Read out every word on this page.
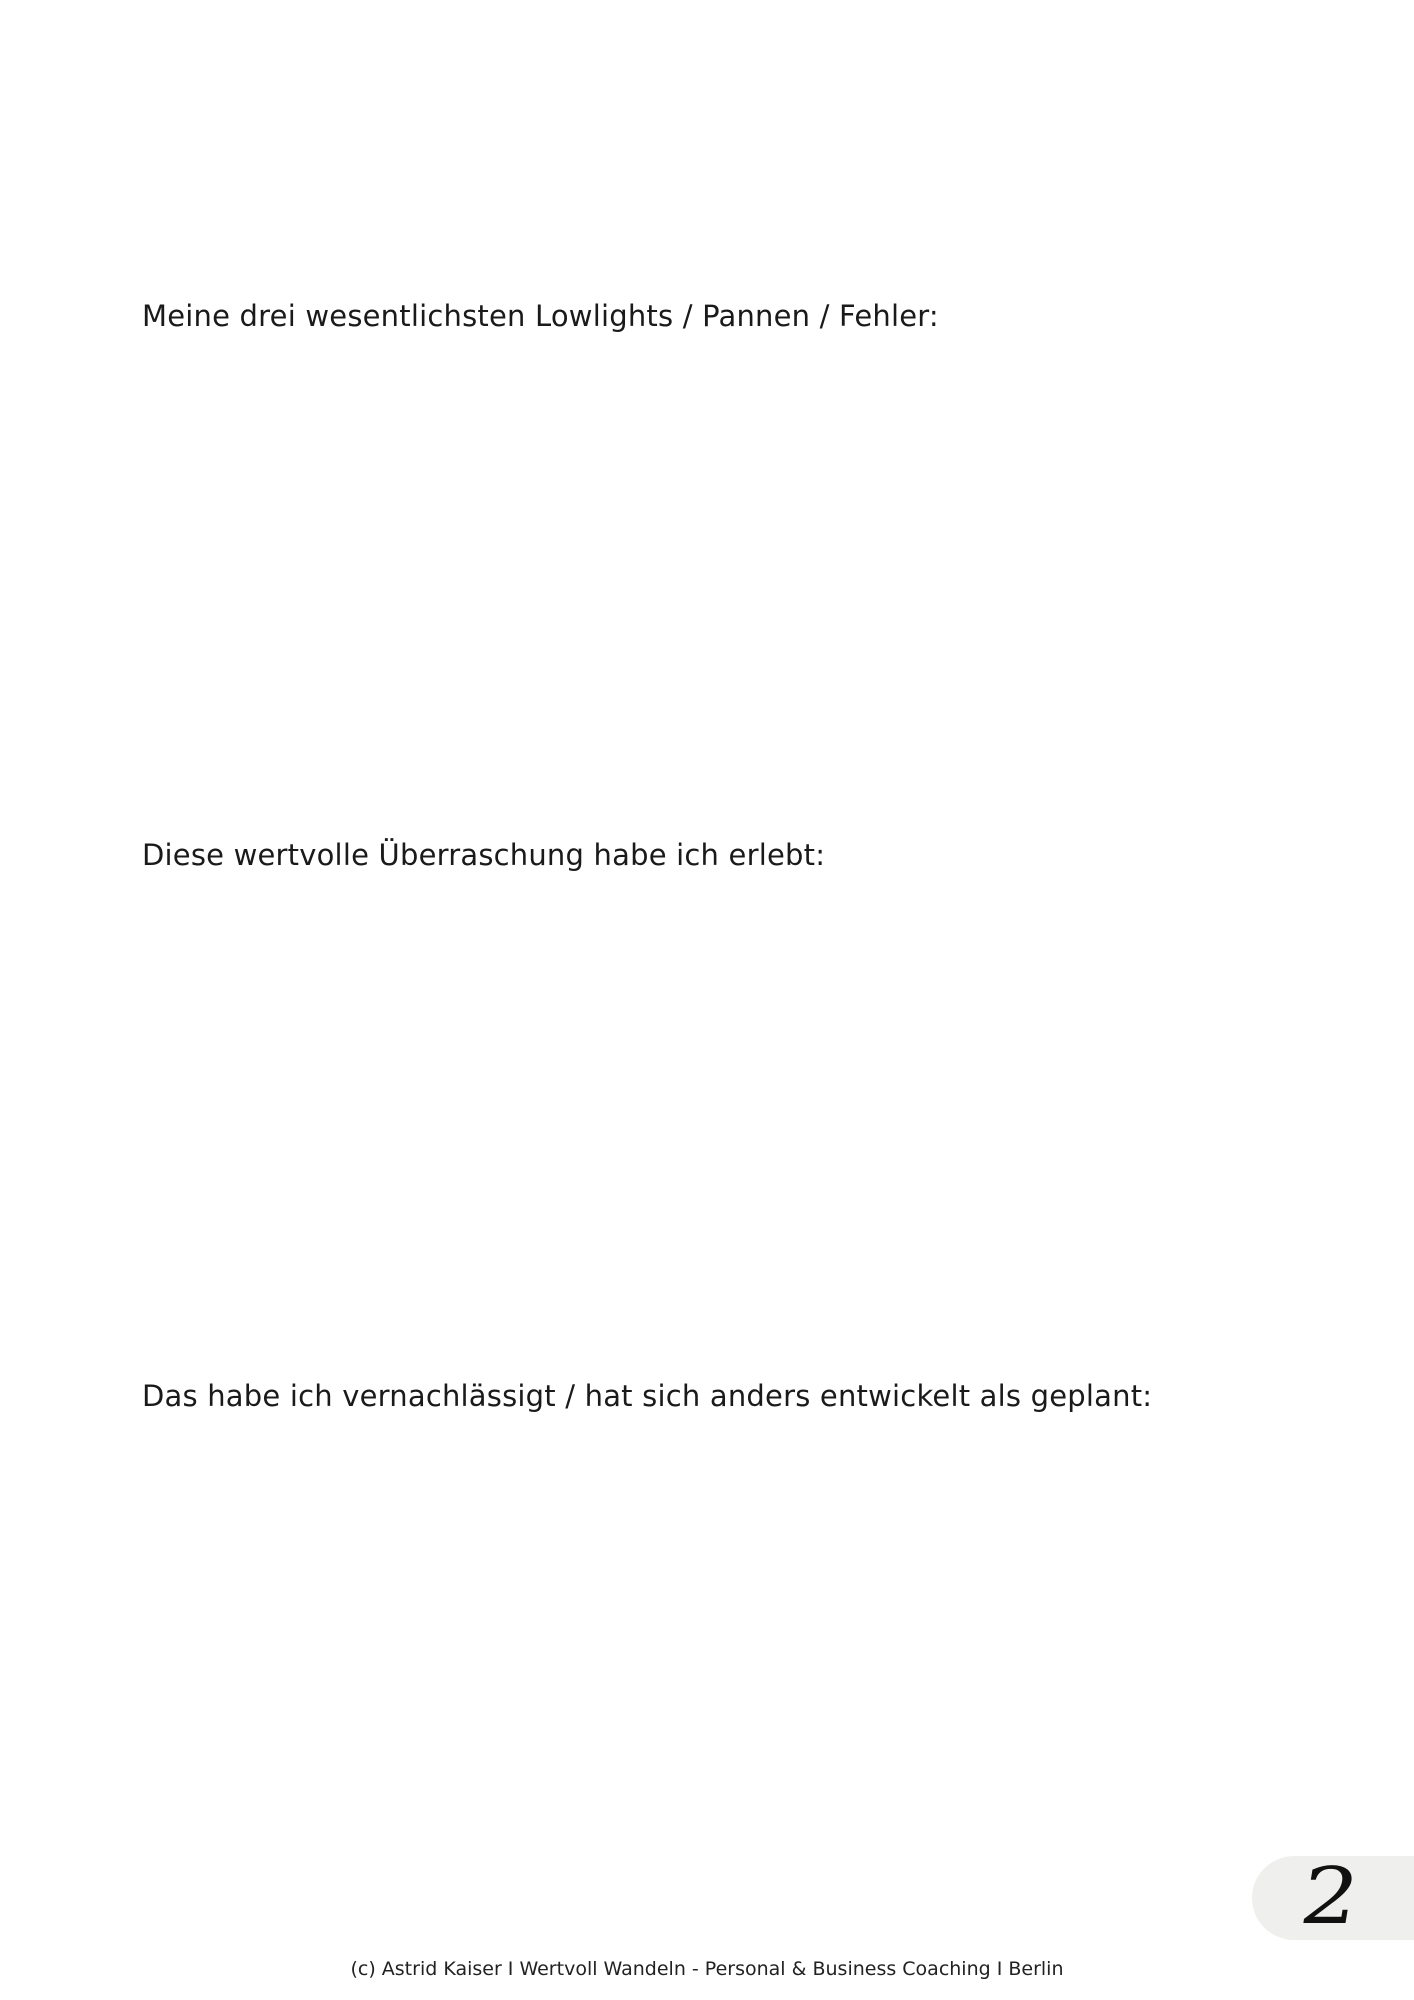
Meine drei wesentlichsten Lowlights / Pannen / Fehler:

Diese wertvolle Überraschung habe ich erlebt:

Das habe ich vernachlässigt / hat sich anders entwickelt als geplant:

2
(c) Astrid Kaiser I Wertvoll Wandeln - Personal & Business Coaching I Berlin
